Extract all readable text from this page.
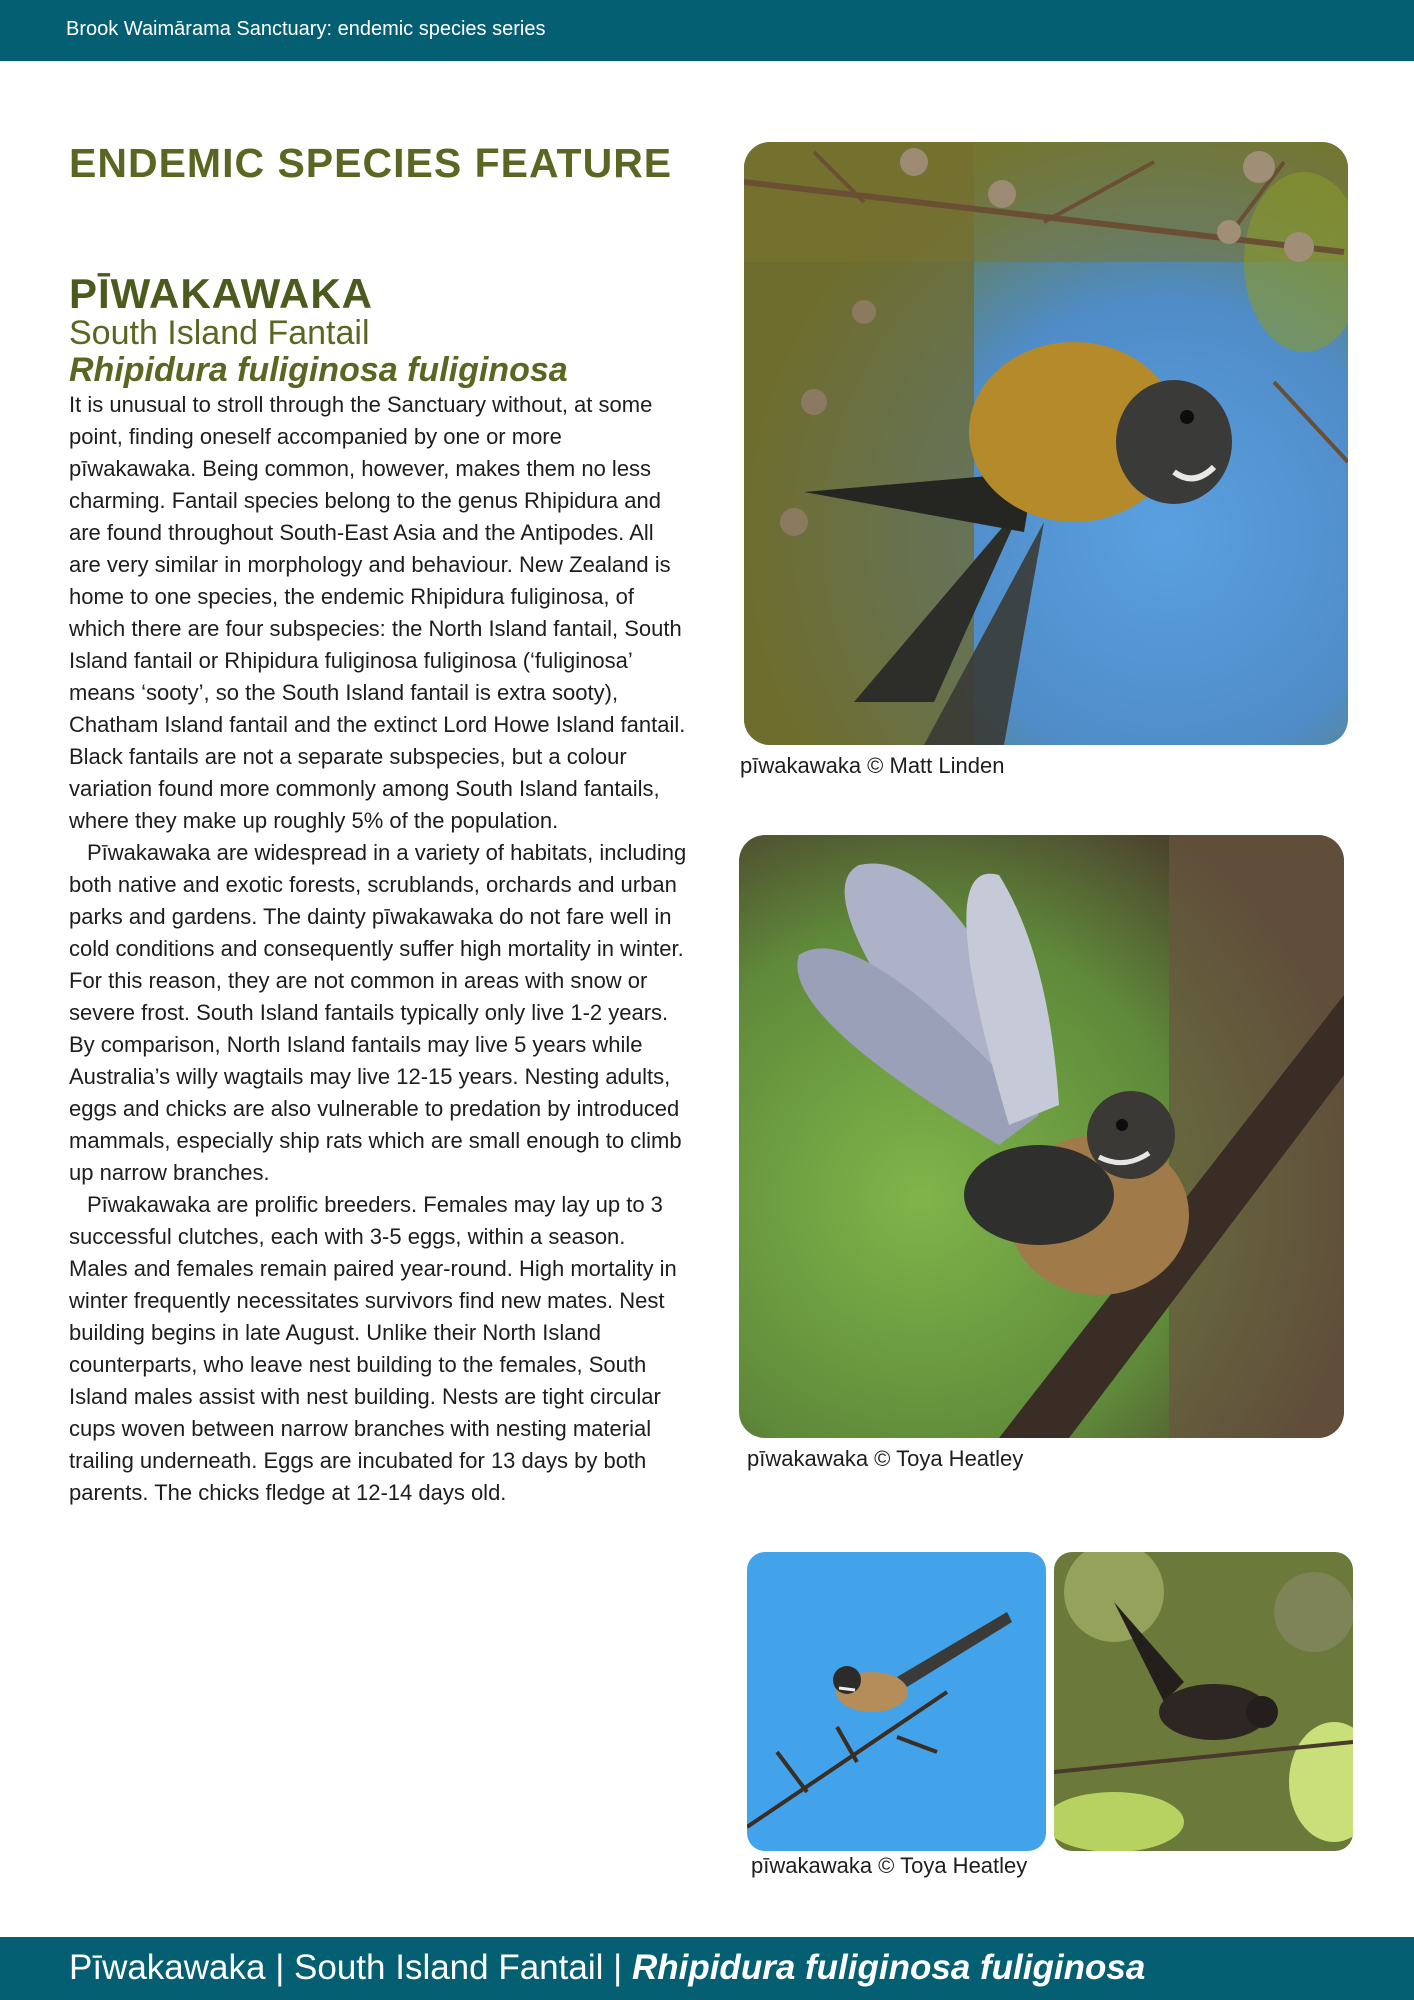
Brook Waimārama Sanctuary: endemic species series
ENDEMIC SPECIES FEATURE
PĪWAKAWAKA
South Island Fantail
Rhipidura fuliginosa fuliginosa

It is unusual to stroll through the Sanctuary without, at some point, finding oneself accompanied by one or more pīwakawaka. Being common, however, makes them no less charming. Fantail species belong to the genus Rhipidura and are found throughout South-East Asia and the Antipodes. All are very similar in morphology and behaviour. New Zealand is home to one species, the endemic Rhipidura fuliginosa, of which there are four subspecies: the North Island fantail, South Island fantail or Rhipidura fuliginosa fuliginosa (‘fuliginosa’ means ‘sooty’, so the South Island fantail is extra sooty), Chatham Island fantail and the extinct Lord Howe Island fantail. Black fantails are not a separate subspecies, but a colour variation found more commonly among South Island fantails, where they make up roughly 5% of the population.

Pīwakawaka are widespread in a variety of habitats, including both native and exotic forests, scrublands, orchards and urban parks and gardens. The dainty pīwakawaka do not fare well in cold conditions and consequently suffer high mortality in winter. For this reason, they are not common in areas with snow or severe frost. South Island fantails typically only live 1-2 years. By comparison, North Island fantails may live 5 years while Australia’s willy wagtails may live 12-15 years. Nesting adults, eggs and chicks are also vulnerable to predation by introduced mammals, especially ship rats which are small enough to climb up narrow branches.

Pīwakawaka are prolific breeders. Females may lay up to 3 successful clutches, each with 3-5 eggs, within a season. Males and females remain paired year-round. High mortality in winter frequently necessitates survivors find new mates. Nest building begins in late August. Unlike their North Island counterparts, who leave nest building to the females, South Island males assist with nest building. Nests are tight circular cups woven between narrow branches with nesting material trailing underneath. Eggs are incubated for 13 days by both parents. The chicks fledge at 12-14 days old.

pīwakawaka © Matt Linden
pīwakawaka © Toya Heatley
pīwakawaka © Toya Heatley
Pīwakawaka | South Island Fantail | Rhipidura fuliginosa fuliginosa
